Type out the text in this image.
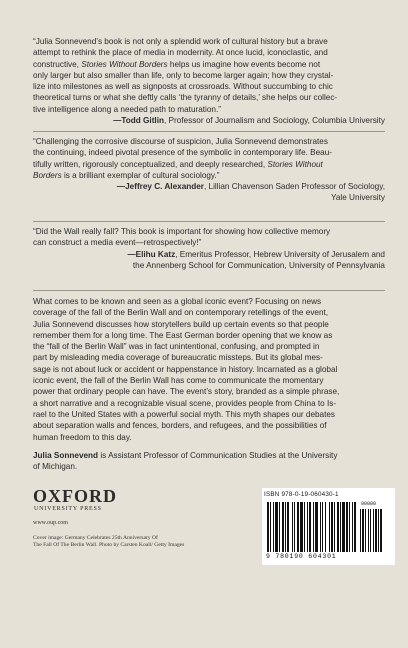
“Julia Sonnevend’s book is not only a splendid work of cultural history but a brave

attempt to rethink the place of media in modernity. At once lucid, iconoclastic, and

constructive, Stories Without Borders helps us imagine how events become not

only larger but also smaller than life, only to become larger again; how they crystal-

lize into milestones as well as signposts at crossroads. Without succumbing to chic

theoretical turns or what she deftly calls ‘the tyranny of details,’ she helps our collec-

tive intelligence along a needed path to maturation.”

—Todd Gitlin, Professor of Journalism and Sociology, Columbia University

“Challenging the corrosive discourse of suspicion, Julia Sonnevend demonstrates

the continuing, indeed pivotal presence of the symbolic in contemporary life. Beau-

tifully written, rigorously conceptualized, and deeply researched, Stories Without

Borders is a brilliant exemplar of cultural sociology.”

—Jeffrey C. Alexander, Lillian Chavenson Saden Professor of Sociology,

Yale University

“Did the Wall really fall? This book is important for showing how collective memory

can construct a media event—retrospectively!”

—Elihu Katz, Emeritus Professor, Hebrew University of Jerusalem and

the Annenberg School for Communication, University of Pennsylvania

What comes to be known and seen as a global iconic event? Focusing on news

coverage of the fall of the Berlin Wall and on contemporary retellings of the event,

Julia Sonnevend discusses how storytellers build up certain events so that people

remember them for a long time. The East German border opening that we know as

the “fall of the Berlin Wall” was in fact unintentional, confusing, and prompted in

part by misleading media coverage of bureaucratic missteps. But its global mes-

sage is not about luck or accident or happenstance in history. Incarnated as a global

iconic event, the fall of the Berlin Wall has come to communicate the momentary

power that ordinary people can have. The event’s story, branded as a simple phrase,

a short narrative and a recognizable visual scene, provides people from China to Is-

rael to the United States with a powerful social myth. This myth shapes our debates

about separation walls and fences, borders, and refugees, and the possibilities of

human freedom to this day.

Julia Sonnevend is Assistant Professor of Communication Studies at the University

of Michigan.

OXFORD
UNIVERSITY PRESS
www.oup.com
Cover image: Germany Celebrates 25th Anniversary Of
The Fall Of The Berlin Wall. Photo by Carsten Koall/ Getty Images
ISBN 978-0-19-060430-1
90000
9 780190 604301
